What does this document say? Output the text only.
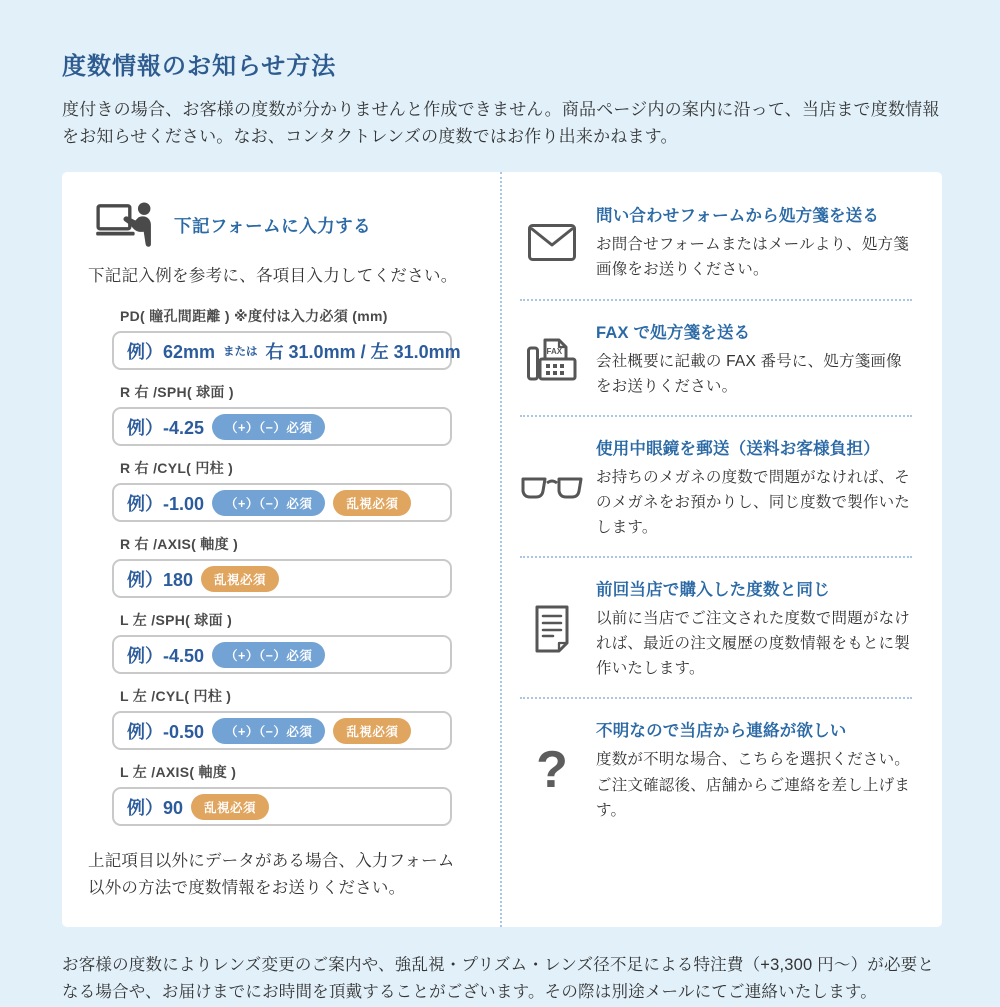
度数情報のお知らせ方法

度付きの場合、お客様の度数が分かりませんと作成できません。商品ページ内の案内に沿って、当店まで度数情報をお知らせください。なお、コンタクトレンズの度数ではお作り出来かねます。

下記フォームに入力する

下記記入例を参考に、各項目入力してください。

PD( 瞳孔間距離 ) ※度付は入力必須 (mm)
例）62mm または 右 31.0mm / 左 31.0mm
R 右 /SPH( 球面 )
例）-4.25	（+）（−）必須
R 右 /CYL( 円柱 )
例）-1.00	（+）（−）必須	乱視必須
R 右 /AXIS( 軸度 )
例）180	乱視必須
L 左 /SPH( 球面 )
例）-4.50	（+）（−）必須
L 左 /CYL( 円柱 )
例）-0.50	（+）（−）必須	乱視必須
L 左 /AXIS( 軸度 )
例）90	乱視必須

上記項目以外にデータがある場合、入力フォーム以外の方法で度数情報をお送りください。

問い合わせフォームから処方箋を送る

お問合せフォームまたはメールより、処方箋画像をお送りください。

FAX
FAX で処方箋を送る

会社概要に記載の FAX 番号に、処方箋画像をお送りください。

使用中眼鏡を郵送（送料お客様負担）

お持ちのメガネの度数で問題がなければ、そのメガネをお預かりし、同じ度数で製作いたします。

前回当店で購入した度数と同じ

以前に当店でご注文された度数で問題がなければ、最近の注文履歴の度数情報をもとに製作いたします。

?
不明なので当店から連絡が欲しい

度数が不明な場合、こちらを選択ください。ご注文確認後、店舗からご連絡を差し上げます。

お客様の度数によりレンズ変更のご案内や、強乱視・プリズム・レンズ径不足による特注費（+3,300 円〜）が必要となる場合や、お届けまでにお時間を頂戴することがございます。その際は別途メールにてご連絡いたします。
